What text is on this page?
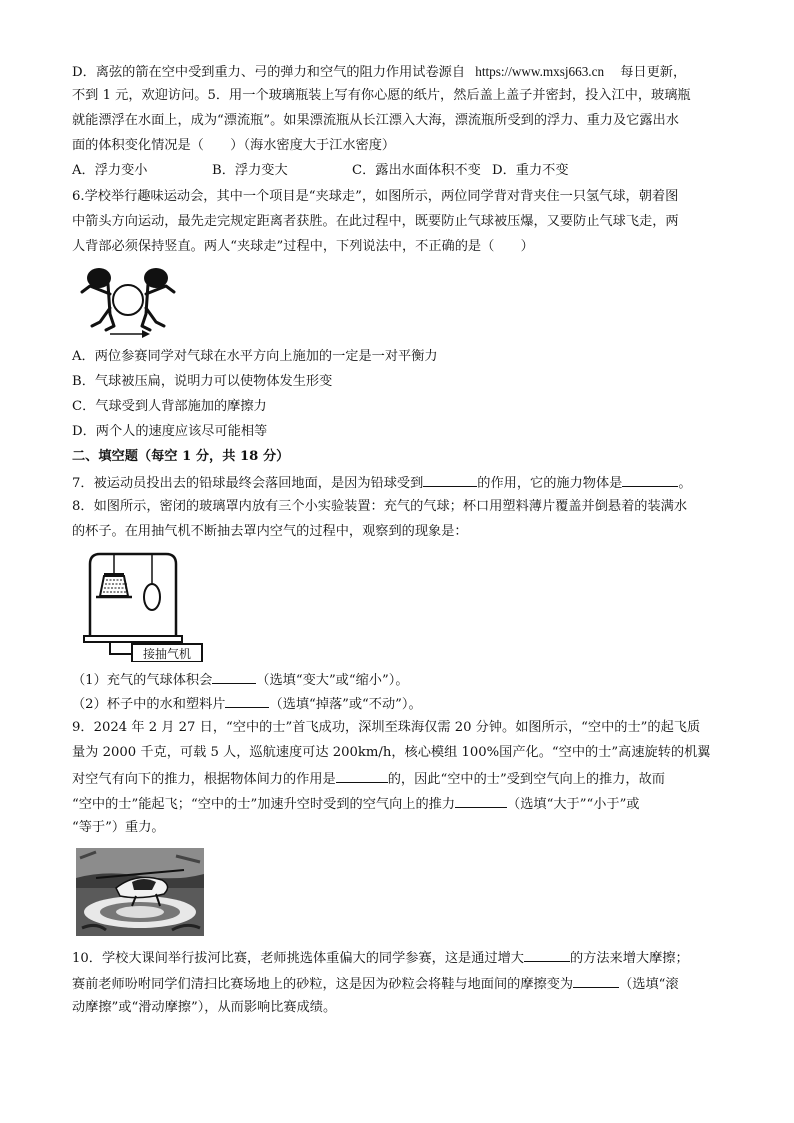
D．离弦的箭在空中受到重力、弓的弹力和空气的阻力作用试卷源自 https://www.mxsj663.cn 每日更新，
不到 1 元，欢迎访问。5．用一个玻璃瓶装上写有你心愿的纸片，然后盖上盖子并密封，投入江中，玻璃瓶
就能漂浮在水面上，成为“漂流瓶”。如果漂流瓶从长江漂入大海，漂流瓶所受到的浮力、重力及它露出水
面的体积变化情况是（　　）（海水密度大于江水密度）
A．浮力变小	B．浮力变大	C．露出水面体积不变 D．重力不变
6.学校举行趣味运动会，其中一个项目是“夹球走”，如图所示，两位同学背对背夹住一只氢气球，朝着图
中箭头方向运动，最先走完规定距离者获胜。在此过程中，既要防止气球被压爆，又要防止气球飞走，两
人背部必须保持竖直。两人“夹球走”过程中，下列说法中，不正确的是（　　）
A．两位参赛同学对气球在水平方向上施加的一定是一对平衡力
B．气球被压扁，说明力可以使物体发生形变
C．气球受到人背部施加的摩擦力
D．两个人的速度应该尽可能相等
二、填空题（每空 1 分，共 18 分）
7．被运动员投出去的铅球最终会落回地面，是因为铅球受到	的作用，它的施力物体是	。
8．如图所示，密闭的玻璃罩内放有三个小实验装置：充气的气球；杯口用塑料薄片覆盖并倒悬着的装满水
的杯子。在用抽气机不断抽去罩内空气的过程中，观察到的现象是：
接抽气机
（1）充气的气球体积会	（选填“变大”或“缩小”）。
（2）杯子中的水和塑料片	（选填“掉落”或“不动”）。
9．2024 年 2 月 27 日，“空中的士”首飞成功，深圳至珠海仅需 20 分钟。如图所示，“空中的士”的起飞质
量为 2000 千克，可载 5 人，巡航速度可达 200km/h，核心模组 100%国产化。“空中的士”高速旋转的机翼
对空气有向下的推力，根据物体间力的作用是	的，因此“空中的士”受到空气向上的推力，故而
“空中的士”能起飞；“空中的士”加速升空时受到的空气向上的推力	（选填“大于”“小于”或
“等于”）重力。
10．学校大课间举行拔河比赛，老师挑选体重偏大的同学参赛，这是通过增大	的方法来增大摩擦；
赛前老师吩咐同学们清扫比赛场地上的砂粒，这是因为砂粒会将鞋与地面间的摩擦变为	（选填“滚
动摩擦”或“滑动摩擦”），从而影响比赛成绩。
